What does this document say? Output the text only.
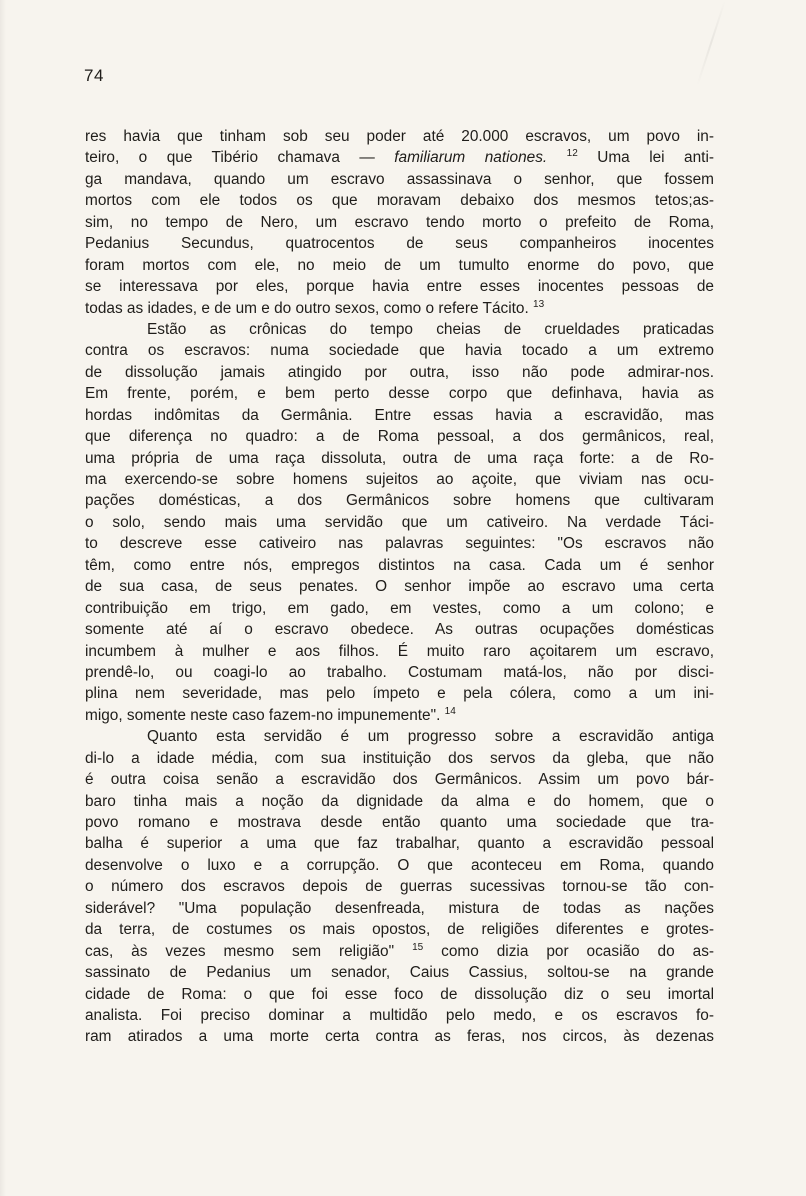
74
res havia que tinham sob seu poder até 20.000 escravos, um povo in-
teiro, o que Tibério chamava — familiarum nationes. $^{12}$ Uma lei anti-
ga mandava, quando um escravo assassinava o senhor, que fossem
mortos com ele todos os que moravam debaixo dos mesmos tetos;as-
sim, no tempo de Nero, um escravo tendo morto o prefeito de Roma,
Pedanius Secundus, quatrocentos de seus companheiros inocentes
foram mortos com ele, no meio de um tumulto enorme do povo, que
se interessava por eles, porque havia entre esses inocentes pessoas de
todas as idades, e de um e do outro sexos, como o refere Tácito. $^{13}$
Estão as crônicas do tempo cheias de crueldades praticadas
contra os escravos: numa sociedade que havia tocado a um extremo
de dissolução jamais atingido por outra, isso não pode admirar-nos.
Em frente, porém, e bem perto desse corpo que definhava, havia as
hordas indômitas da Germânia. Entre essas havia a escravidão, mas
que diferença no quadro: a de Roma pessoal, a dos germânicos, real,
uma própria de uma raça dissoluta, outra de uma raça forte: a de Ro-
ma exercendo-se sobre homens sujeitos ao açoite, que viviam nas ocu-
pações domésticas, a dos Germânicos sobre homens que cultivaram
o solo, sendo mais uma servidão que um cativeiro. Na verdade Táci-
to descreve esse cativeiro nas palavras seguintes: "Os escravos não
têm, como entre nós, empregos distintos na casa. Cada um é senhor
de sua casa, de seus penates. O senhor impõe ao escravo uma certa
contribuição em trigo, em gado, em vestes, como a um colono; e
somente até aí o escravo obedece. As outras ocupações domésticas
incumbem à mulher e aos filhos. É muito raro açoitarem um escravo,
prendê-lo, ou coagi-lo ao trabalho. Costumam matá-los, não por disci-
plina nem severidade, mas pelo ímpeto e pela cólera, como a um ini-
migo, somente neste caso fazem-no impunemente". $^{14}$
Quanto esta servidão é um progresso sobre a escravidão antiga
di-lo a idade média, com sua instituição dos servos da gleba, que não
é outra coisa senão a escravidão dos Germânicos. Assim um povo bár-
baro tinha mais a noção da dignidade da alma e do homem, que o
povo romano e mostrava desde então quanto uma sociedade que tra-
balha é superior a uma que faz trabalhar, quanto a escravidão pessoal
desenvolve o luxo e a corrupção. O que aconteceu em Roma, quando
o número dos escravos depois de guerras sucessivas tornou-se tão con-
siderável? "Uma população desenfreada, mistura de todas as nações
da terra, de costumes os mais opostos, de religiões diferentes e grotes-
cas, às vezes mesmo sem religião" $^{15}$ como dizia por ocasião do as-
sassinato de Pedanius um senador, Caius Cassius, soltou-se na grande
cidade de Roma: o que foi esse foco de dissolução diz o seu imortal
analista. Foi preciso dominar a multidão pelo medo, e os escravos fo-
ram atirados a uma morte certa contra as feras, nos circos, às dezenas
